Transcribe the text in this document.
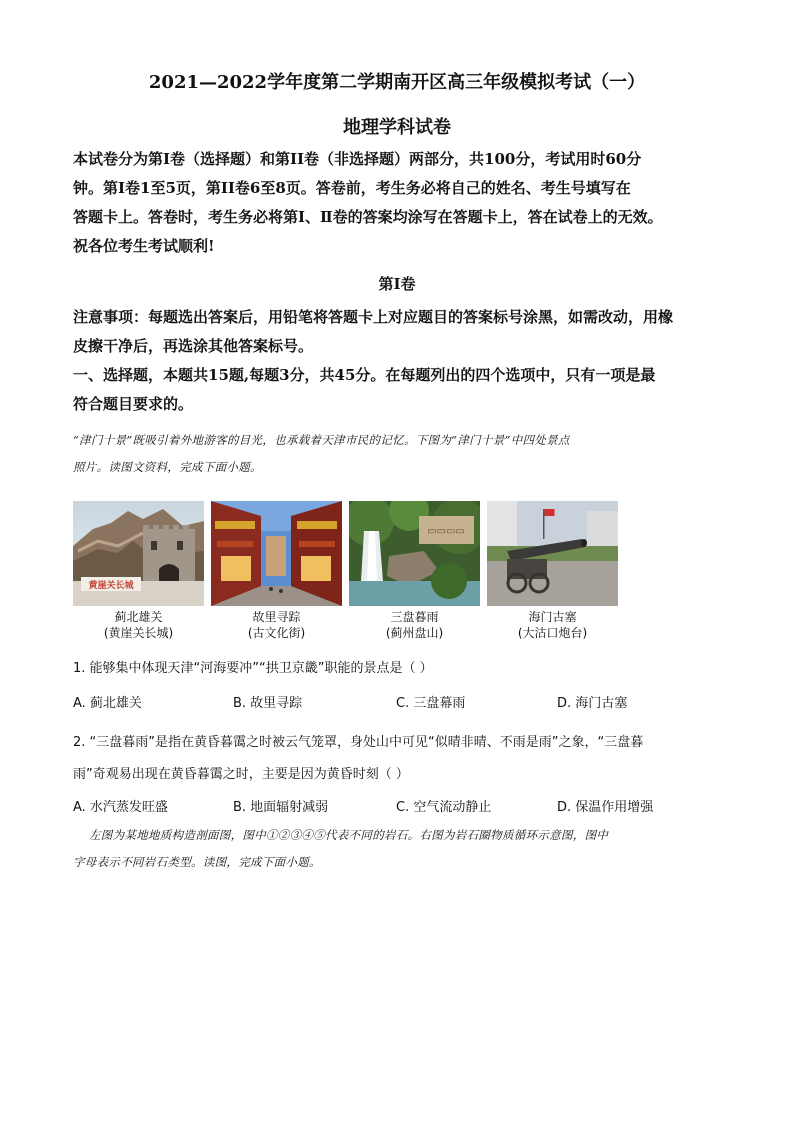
2021—2022学年度第二学期南开区高三年级模拟考试（一）
地理学科试卷
本试卷分为第Ⅰ卷（选择题）和第II卷（非选择题）两部分，共100分，考试用时60分
钟。第Ⅰ卷1至5页，第II卷6至8页。答卷前，考生务必将自己的姓名、考生号填写在
答题卡上。答卷时，考生务必将第Ⅰ、Ⅱ卷的答案均涂写在答题卡上，答在试卷上的无效。
祝各位考生考试顺利!
第Ⅰ卷
注意事项：每题选出答案后，用铅笔将答题卡上对应题目的答案标号涂黑，如需改动，用橡
皮擦干净后，再选涂其他答案标号。
一、选择题，本题共15题,每题3分，共45分。在每题列出的四个选项中，只有一项是最
符合题目要求的。
“津门十景”既吸引着外地游客的目光，也承载着天津市民的记忆。下图为“津门十景”中四处景点
照片。读图文资料，完成下面小题。
黄崖关长城
▭▭▭▭
蓟北雄关
(黄崖关长城)
故里寻踪
(古文化街)
三盘暮雨
(蓟州盘山)
海门古塞
(大沽口炮台)
1. 能够集中体现天津“河海要冲”“拱卫京畿”职能的景点是（ ）
A. 蓟北雄关	B. 故里寻踪	C. 三盘幕雨	D. 海门古塞
2. “三盘暮雨”是指在黄昏暮霭之时被云气笼罩，身处山中可见“似晴非晴、不雨是雨”之象，“三盘暮
雨”奇观易出现在黄昏暮霭之时，主要是因为黄昏时刻（ ）
A. 水汽蒸发旺盛	B. 地面辐射减弱	C. 空气流动静止	D. 保温作用增强
左图为某地地质构造剖面图，图中①②③④⑤代表不同的岩石。右图为岩石圈物质循环示意图，图中
字母表示不同岩石类型。读图，完成下面小题。
